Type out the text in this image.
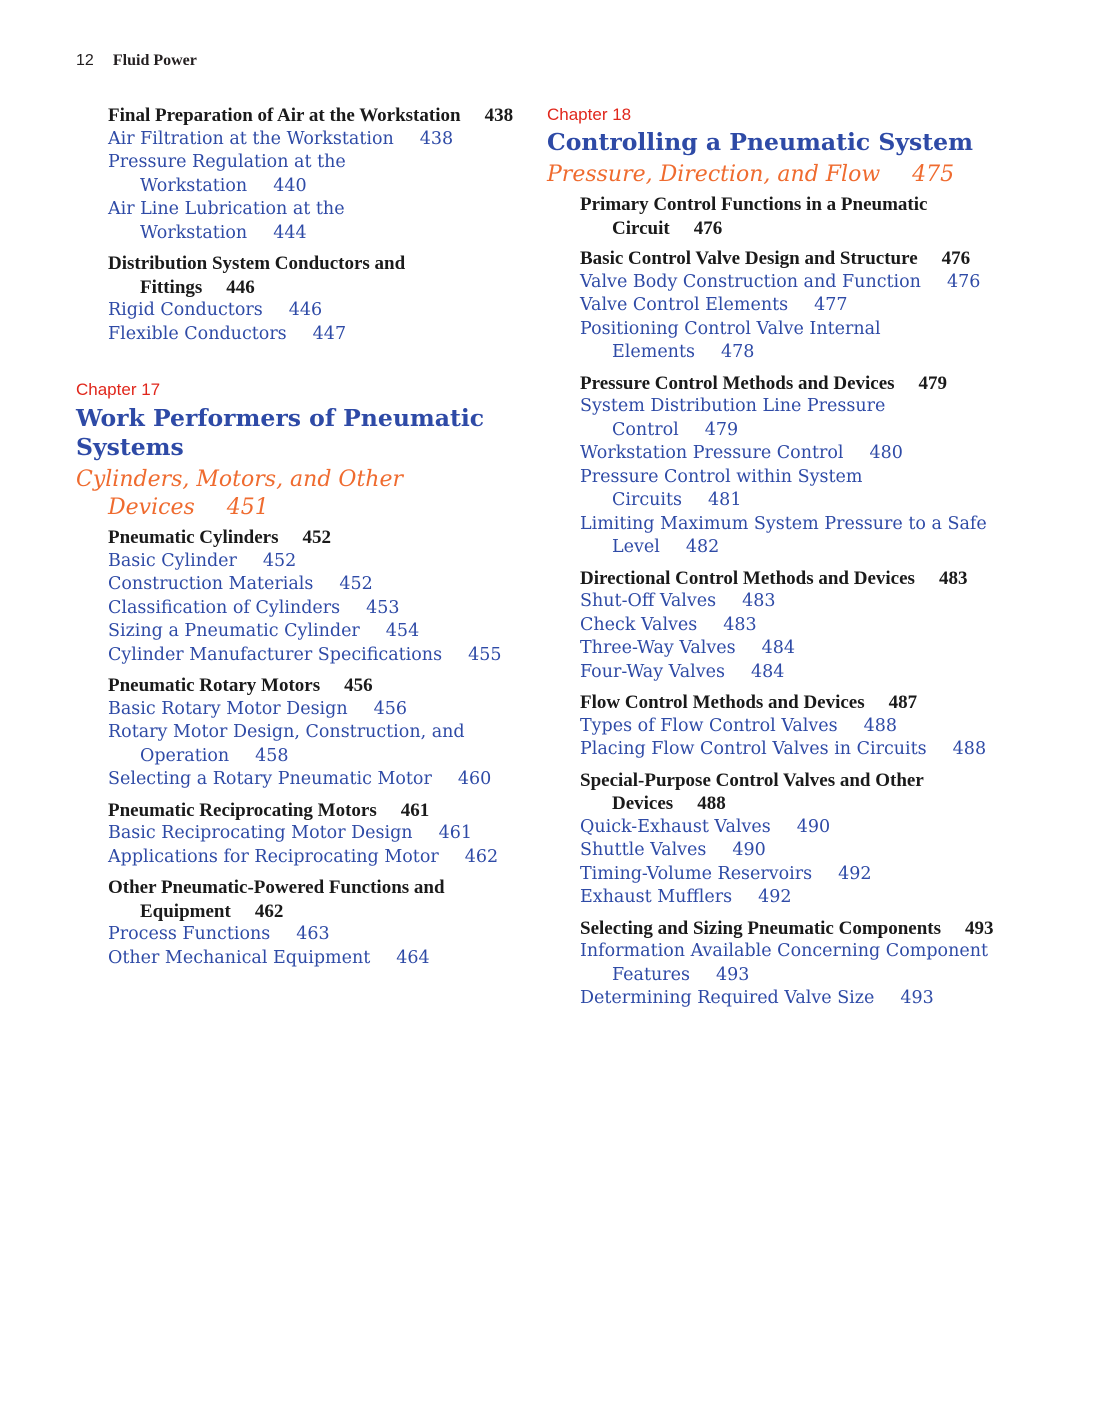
12 Fluid Power
Final Preparation of Air at the Workstation 438
Air Filtration at the Workstation 438
Pressure Regulation at the Workstation 440
Air Line Lubrication at the Workstation 444
Distribution System Conductors and Fittings 446
Rigid Conductors 446
Flexible Conductors 447
Chapter 17
Work Performers of Pneumatic Systems
Cylinders, Motors, and Other Devices 451
Pneumatic Cylinders 452
Basic Cylinder 452
Construction Materials 452
Classification of Cylinders 453
Sizing a Pneumatic Cylinder 454
Cylinder Manufacturer Specifications 455
Pneumatic Rotary Motors 456
Basic Rotary Motor Design 456
Rotary Motor Design, Construction, and Operation 458
Selecting a Rotary Pneumatic Motor 460
Pneumatic Reciprocating Motors 461
Basic Reciprocating Motor Design 461
Applications for Reciprocating Motor 462
Other Pneumatic-Powered Functions and Equipment 462
Process Functions 463
Other Mechanical Equipment 464
Chapter 18
Controlling a Pneumatic System
Pressure, Direction, and Flow 475
Primary Control Functions in a Pneumatic Circuit 476
Basic Control Valve Design and Structure 476
Valve Body Construction and Function 476
Valve Control Elements 477
Positioning Control Valve Internal Elements 478
Pressure Control Methods and Devices 479
System Distribution Line Pressure Control 479
Workstation Pressure Control 480
Pressure Control within System Circuits 481
Limiting Maximum System Pressure to a Safe Level 482
Directional Control Methods and Devices 483
Shut-Off Valves 483
Check Valves 483
Three-Way Valves 484
Four-Way Valves 484
Flow Control Methods and Devices 487
Types of Flow Control Valves 488
Placing Flow Control Valves in Circuits 488
Special-Purpose Control Valves and Other Devices 488
Quick-Exhaust Valves 490
Shuttle Valves 490
Timing-Volume Reservoirs 492
Exhaust Mufflers 492
Selecting and Sizing Pneumatic Components 493
Information Available Concerning Component Features 493
Determining Required Valve Size 493
